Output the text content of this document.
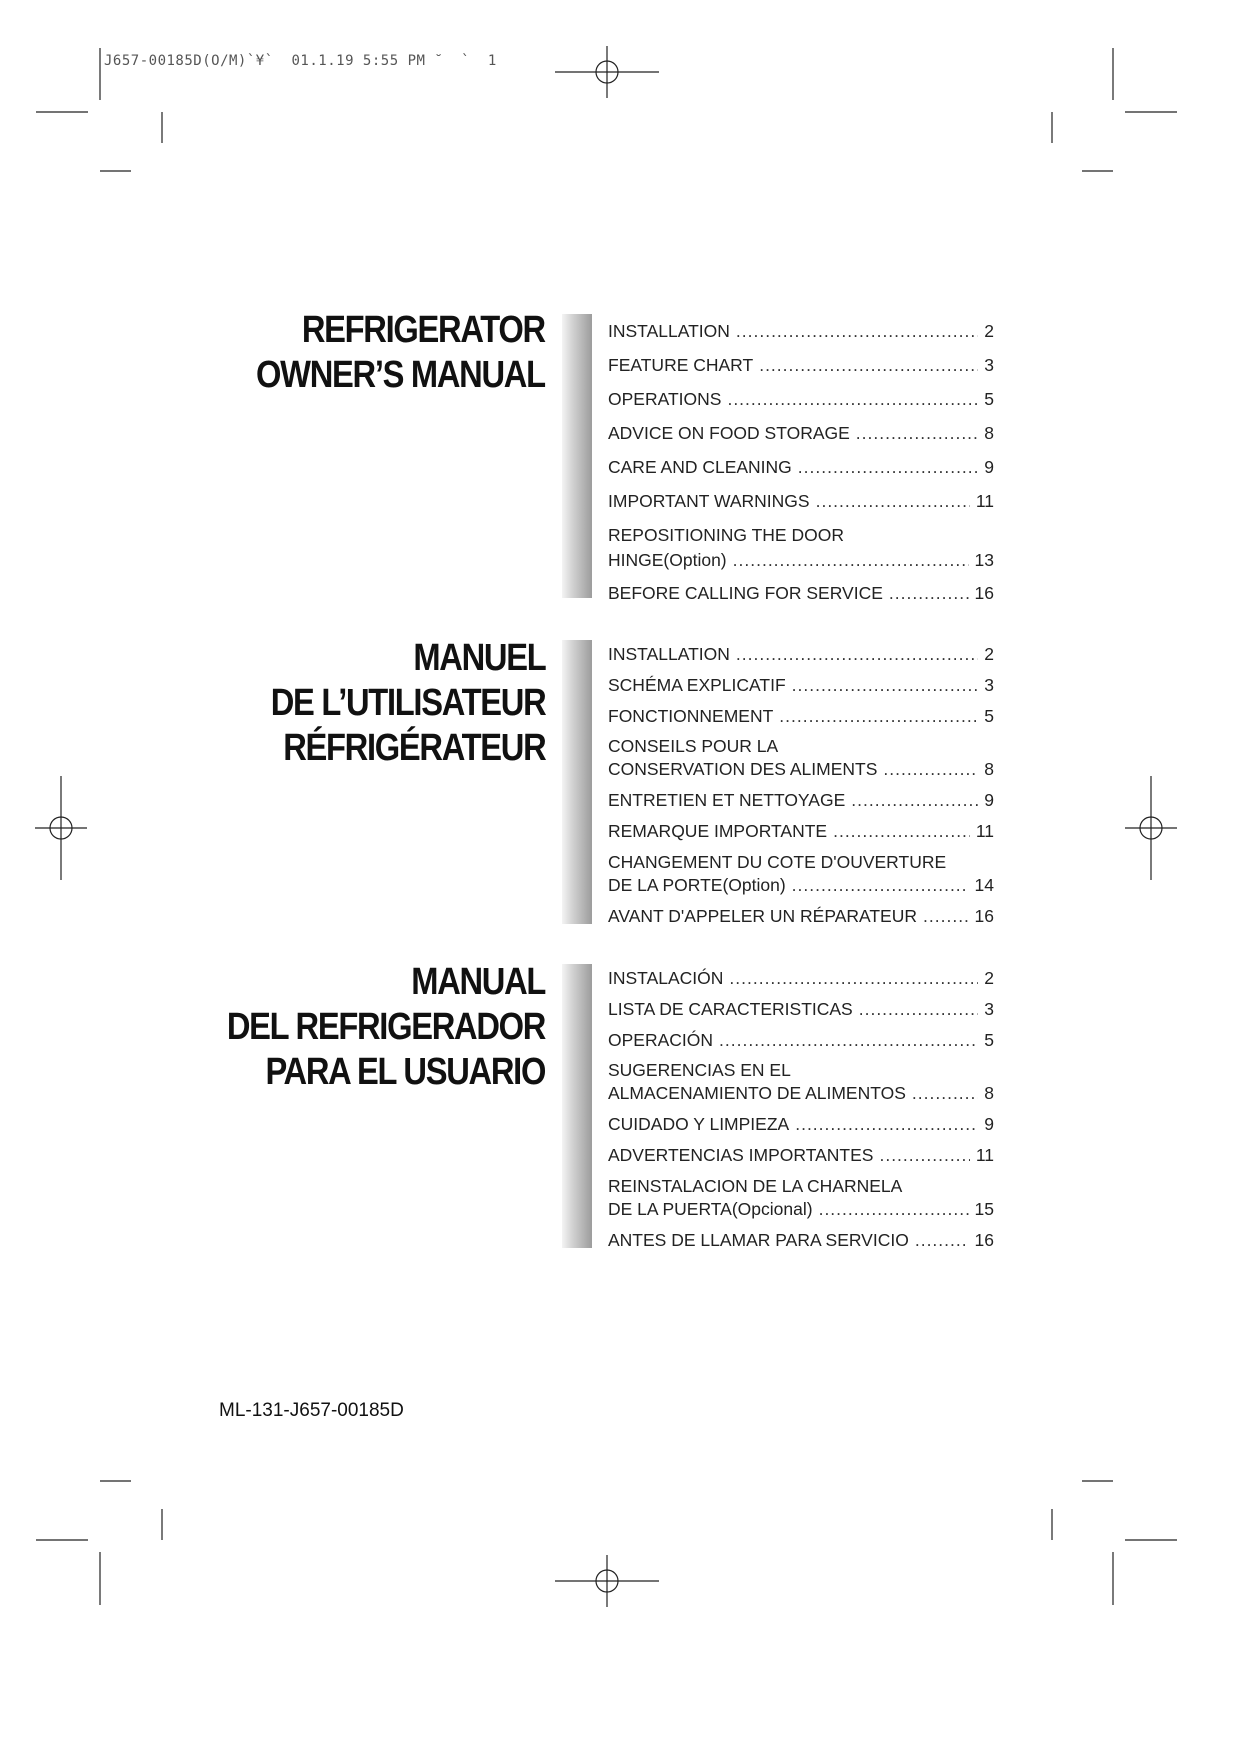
J657-00185D(O/M)`¥`  01.1.19 5:55 PM ˘  `  1
REFRIGERATOR
OWNER’S MANUAL
INSTALLATION .....	2
FEATURE CHART .....	3
OPERATIONS .....	5
ADVICE ON FOOD STORAGE .....	8
CARE AND CLEANING .....	9
IMPORTANT WARNINGS .....	11
REPOSITIONING THE DOOR
HINGE(Option) .....	13
BEFORE CALLING FOR SERVICE .....	16
MANUEL
DE L’UTILISATEUR
RÉFRIGÉRATEUR
INSTALLATION .....	2
SCHÉMA EXPLICATIF .....	3
FONCTIONNEMENT .....	5
CONSEILS POUR LA
CONSERVATION DES ALIMENTS .....	8
ENTRETIEN ET NETTOYAGE .....	9
REMARQUE IMPORTANTE .....	11
CHANGEMENT DU COTE D'OUVERTURE
DE LA PORTE(Option) .....	14
AVANT D'APPELER UN RÉPARATEUR .....	16
MANUAL
DEL REFRIGERADOR
PARA EL USUARIO
INSTALACIÓN .....	2
LISTA DE CARACTERISTICAS .....	3
OPERACIÓN .....	5
SUGERENCIAS EN EL
ALMACENAMIENTO DE ALIMENTOS .....	8
CUIDADO Y LIMPIEZA .....	9
ADVERTENCIAS IMPORTANTES .....	11
REINSTALACION DE LA CHARNELA
DE LA PUERTA(Opcional) .....	15
ANTES DE LLAMAR PARA SERVICIO .....	16
ML-131-J657-00185D
